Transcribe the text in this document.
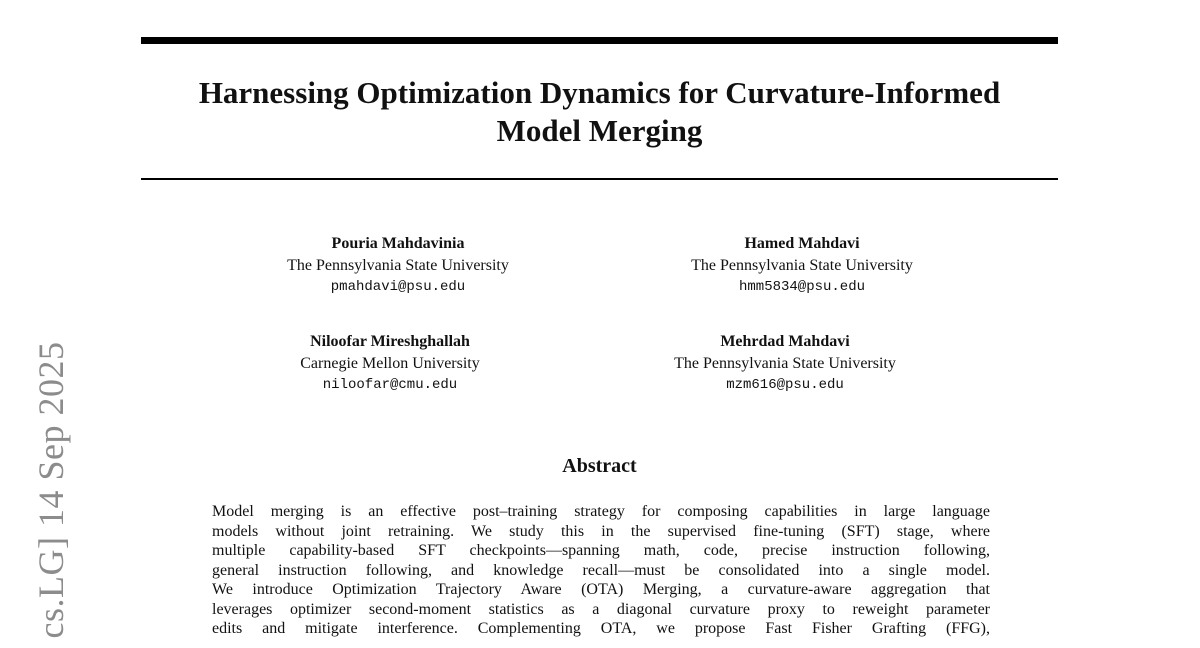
Harnessing Optimization Dynamics for Curvature-Informed
Model Merging
cs.LG] 14 Sep 2025
Pouria Mahdavinia
The Pennsylvania State University
pmahdavi@psu.edu
Hamed Mahdavi
The Pennsylvania State University
hmm5834@psu.edu
Niloofar Mireshghallah
Carnegie Mellon University
niloofar@cmu.edu
Mehrdad Mahdavi
The Pennsylvania State University
mzm616@psu.edu
Abstract
Model merging is an effective post–training strategy for composing capabilities in large language
models without joint retraining. We study this in the supervised fine-tuning (SFT) stage, where
multiple capability-based SFT checkpoints—spanning math, code, precise instruction following,
general instruction following, and knowledge recall—must be consolidated into a single model.
We introduce Optimization Trajectory Aware (OTA) Merging, a curvature-aware aggregation that
leverages optimizer second-moment statistics as a diagonal curvature proxy to reweight parameter
edits and mitigate interference. Complementing OTA, we propose Fast Fisher Grafting (FFG),
